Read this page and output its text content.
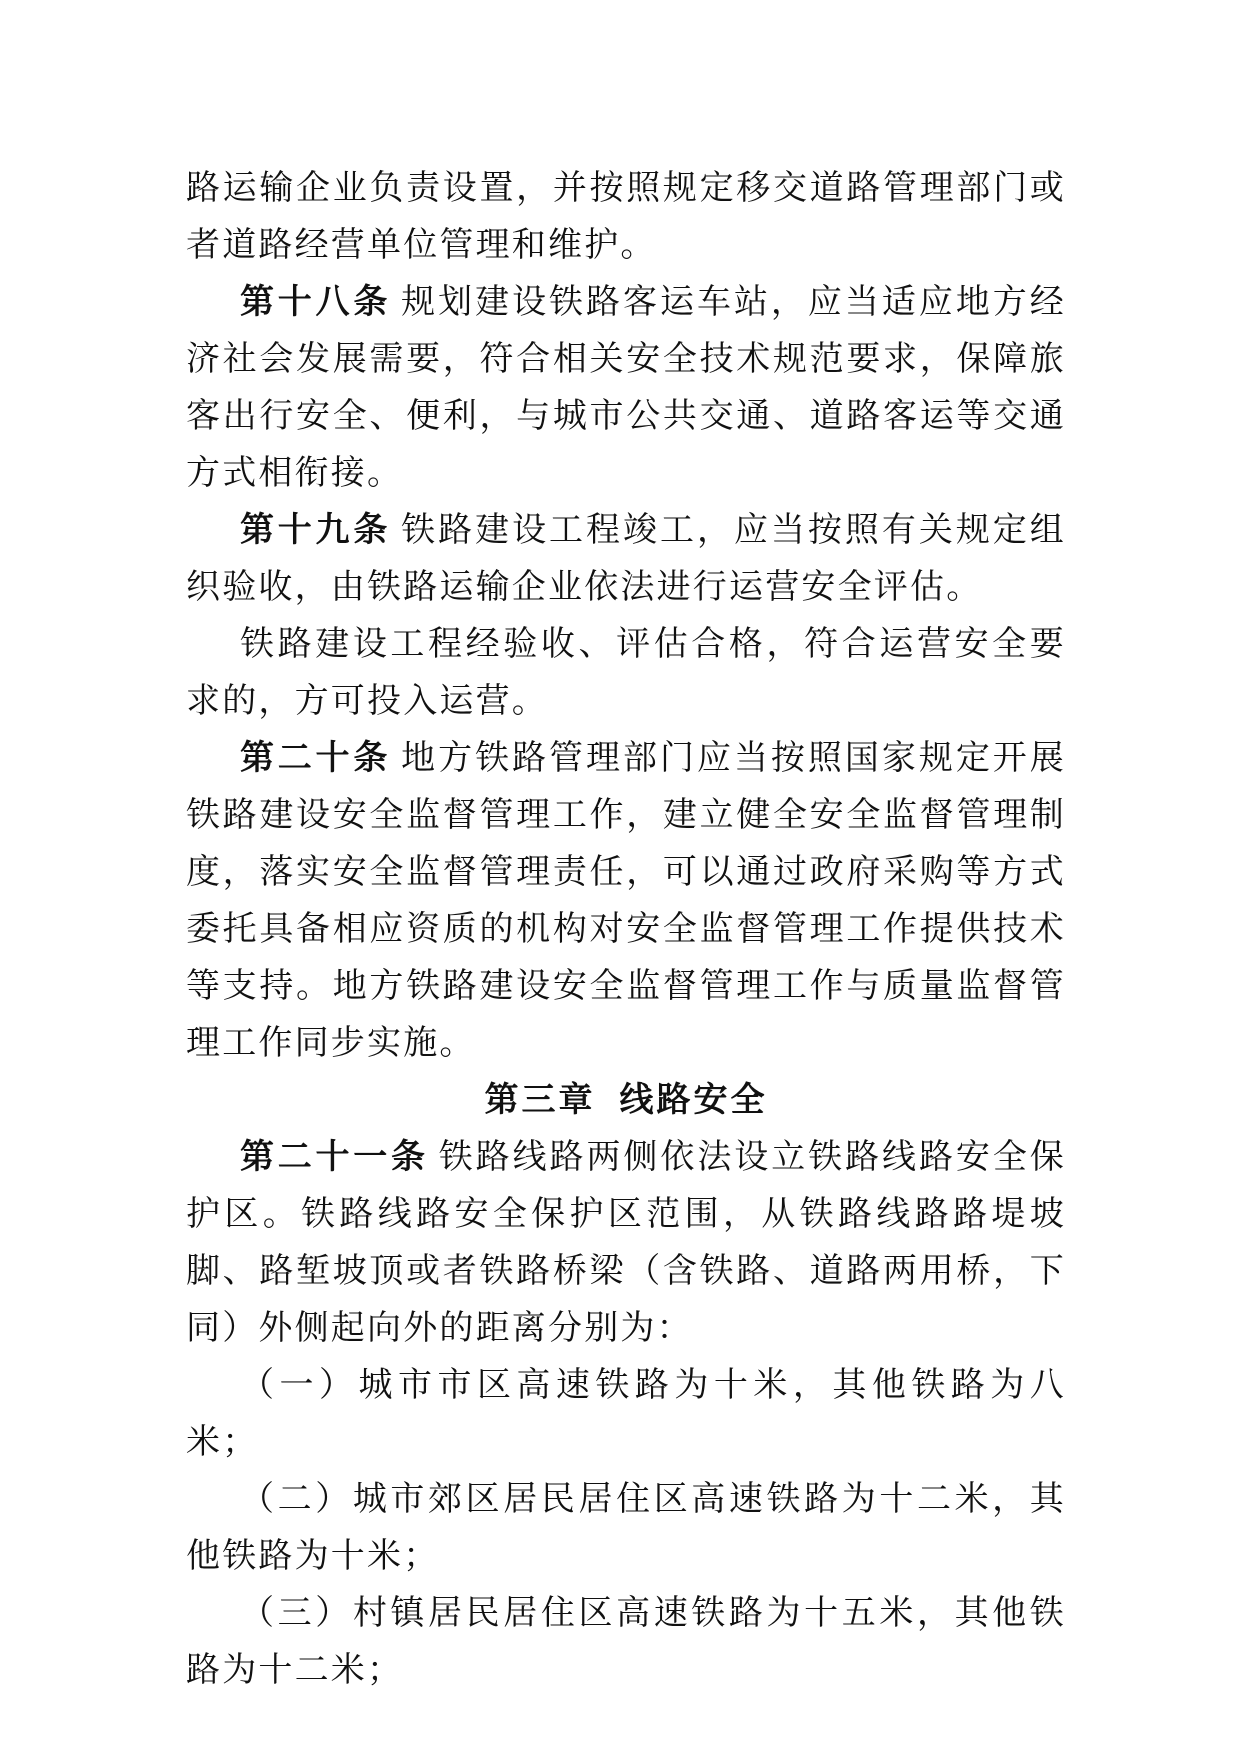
路运输企业负责设置，并按照规定移交道路管理部门或者道路经营单位管理和维护。

第十八条 规划建设铁路客运车站，应当适应地方经济社会发展需要，符合相关安全技术规范要求，保障旅客出行安全、便利，与城市公共交通、道路客运等交通方式相衔接。

第十九条 铁路建设工程竣工，应当按照有关规定组织验收，由铁路运输企业依法进行运营安全评估。

铁路建设工程经验收、评估合格，符合运营安全要求的，方可投入运营。

第二十条 地方铁路管理部门应当按照国家规定开展铁路建设安全监督管理工作，建立健全安全监督管理制度，落实安全监督管理责任，可以通过政府采购等方式委托具备相应资质的机构对安全监督管理工作提供技术等支持。地方铁路建设安全监督管理工作与质量监督管理工作同步实施。

第三章 线路安全

第二十一条 铁路线路两侧依法设立铁路线路安全保护区。铁路线路安全保护区范围，从铁路线路路堤坡脚、路堑坡顶或者铁路桥梁（含铁路、道路两用桥，下同）外侧起向外的距离分别为：

（一）城市市区高速铁路为十米，其他铁路为八米；

（二）城市郊区居民居住区高速铁路为十二米，其他铁路为十米；

（三）村镇居民居住区高速铁路为十五米，其他铁路为十二米；
